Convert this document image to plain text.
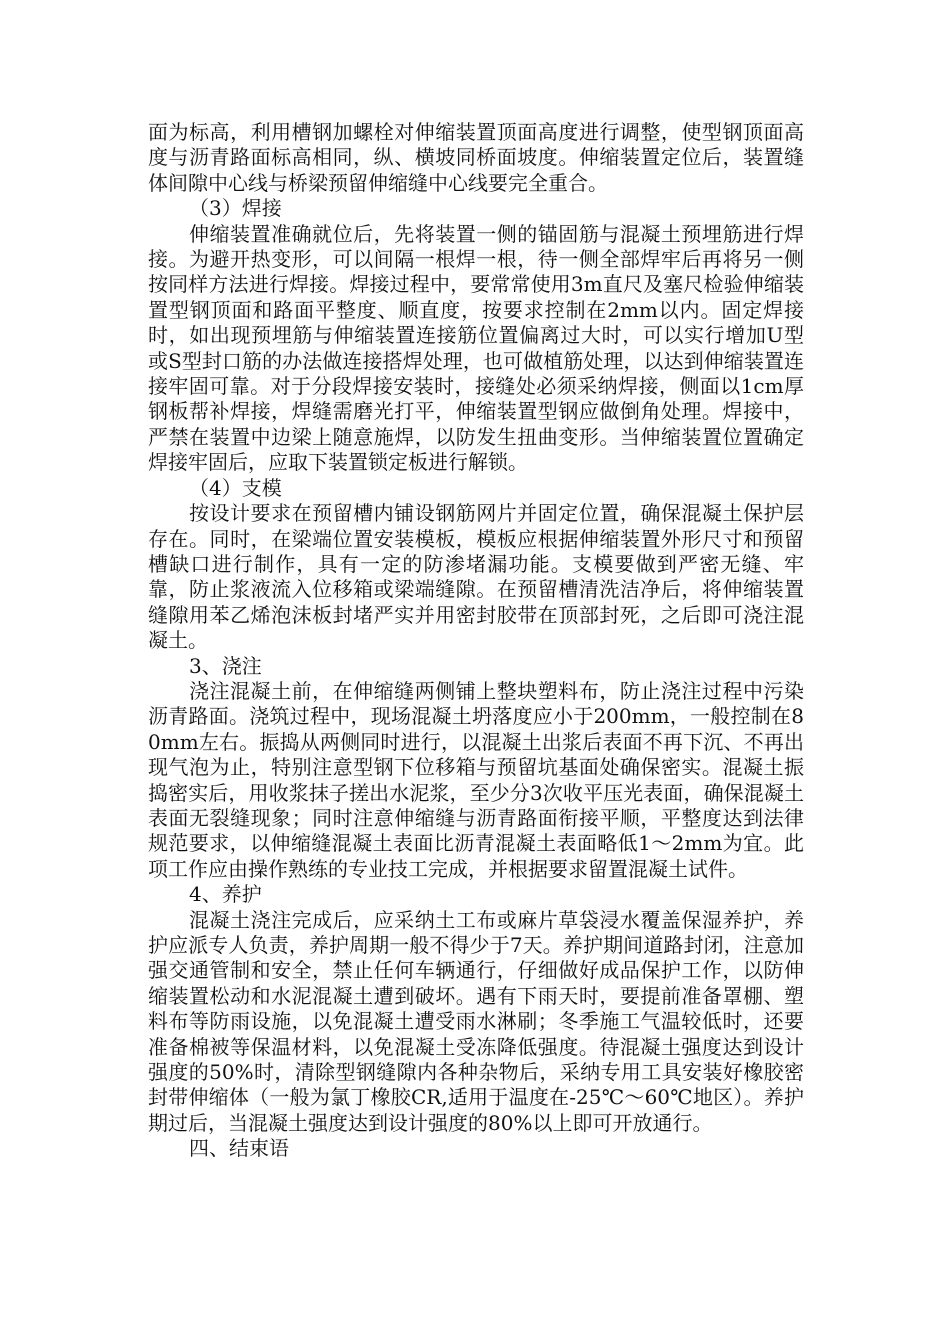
面为标高，利用槽钢加螺栓对伸缩装置顶面高度进行调整，使型钢顶面高度与沥青路面标高相同，纵、横坡同桥面坡度。伸缩装置定位后，装置缝体间隙中心线与桥梁预留伸缩缝中心线要完全重合。

（3）焊接

伸缩装置准确就位后，先将装置一侧的锚固筋与混凝土预埋筋进行焊接。为避开热变形，可以间隔一根焊一根，待一侧全部焊牢后再将另一侧按同样方法进行焊接。焊接过程中，要常常使用3m直尺及塞尺检验伸缩装置型钢顶面和路面平整度、顺直度，按要求控制在2mm以内。固定焊接时，如出现预埋筋与伸缩装置连接筋位置偏离过大时，可以实行增加U型或S型封口筋的办法做连接搭焊处理，也可做植筋处理，以达到伸缩装置连接牢固可靠。对于分段焊接安装时，接缝处必须采纳焊接，侧面以1cm厚钢板帮补焊接，焊缝需磨光打平，伸缩装置型钢应做倒角处理。焊接中，严禁在装置中边梁上随意施焊，以防发生扭曲变形。当伸缩装置位置确定焊接牢固后，应取下装置锁定板进行解锁。

（4）支模

按设计要求在预留槽内铺设钢筋网片并固定位置，确保混凝土保护层存在。同时，在梁端位置安装模板，模板应根据伸缩装置外形尺寸和预留槽缺口进行制作，具有一定的防渗堵漏功能。支模要做到严密无缝、牢靠，防止浆液流入位移箱或梁端缝隙。在预留槽清洗洁净后，将伸缩装置缝隙用苯乙烯泡沫板封堵严实并用密封胶带在顶部封死，之后即可浇注混凝土。

3、浇注

浇注混凝土前，在伸缩缝两侧铺上整块塑料布，防止浇注过程中污染沥青路面。浇筑过程中，现场混凝土坍落度应小于200mm，一般控制在80mm左右。振捣从两侧同时进行，以混凝土出浆后表面不再下沉、不再出现气泡为止，特别注意型钢下位移箱与预留坑基面处确保密实。混凝土振捣密实后，用收浆抹子搓出水泥浆，至少分3次收平压光表面，确保混凝土表面无裂缝现象；同时注意伸缩缝与沥青路面衔接平顺，平整度达到法律规范要求，以伸缩缝混凝土表面比沥青混凝土表面略低1～2mm为宜。此项工作应由操作熟练的专业技工完成，并根据要求留置混凝土试件。

4、养护

混凝土浇注完成后，应采纳土工布或麻片草袋浸水覆盖保湿养护，养护应派专人负责，养护周期一般不得少于7天。养护期间道路封闭，注意加强交通管制和安全，禁止任何车辆通行，仔细做好成品保护工作，以防伸缩装置松动和水泥混凝土遭到破坏。遇有下雨天时，要提前准备罩棚、塑料布等防雨设施，以免混凝土遭受雨水淋刷；冬季施工气温较低时，还要准备棉被等保温材料，以免混凝土受冻降低强度。待混凝土强度达到设计强度的50%时，清除型钢缝隙内各种杂物后，采纳专用工具安装好橡胶密封带伸缩体（一般为氯丁橡胶CR,适用于温度在-25℃～60℃地区）。养护期过后，当混凝土强度达到设计强度的80%以上即可开放通行。

四、结束语
